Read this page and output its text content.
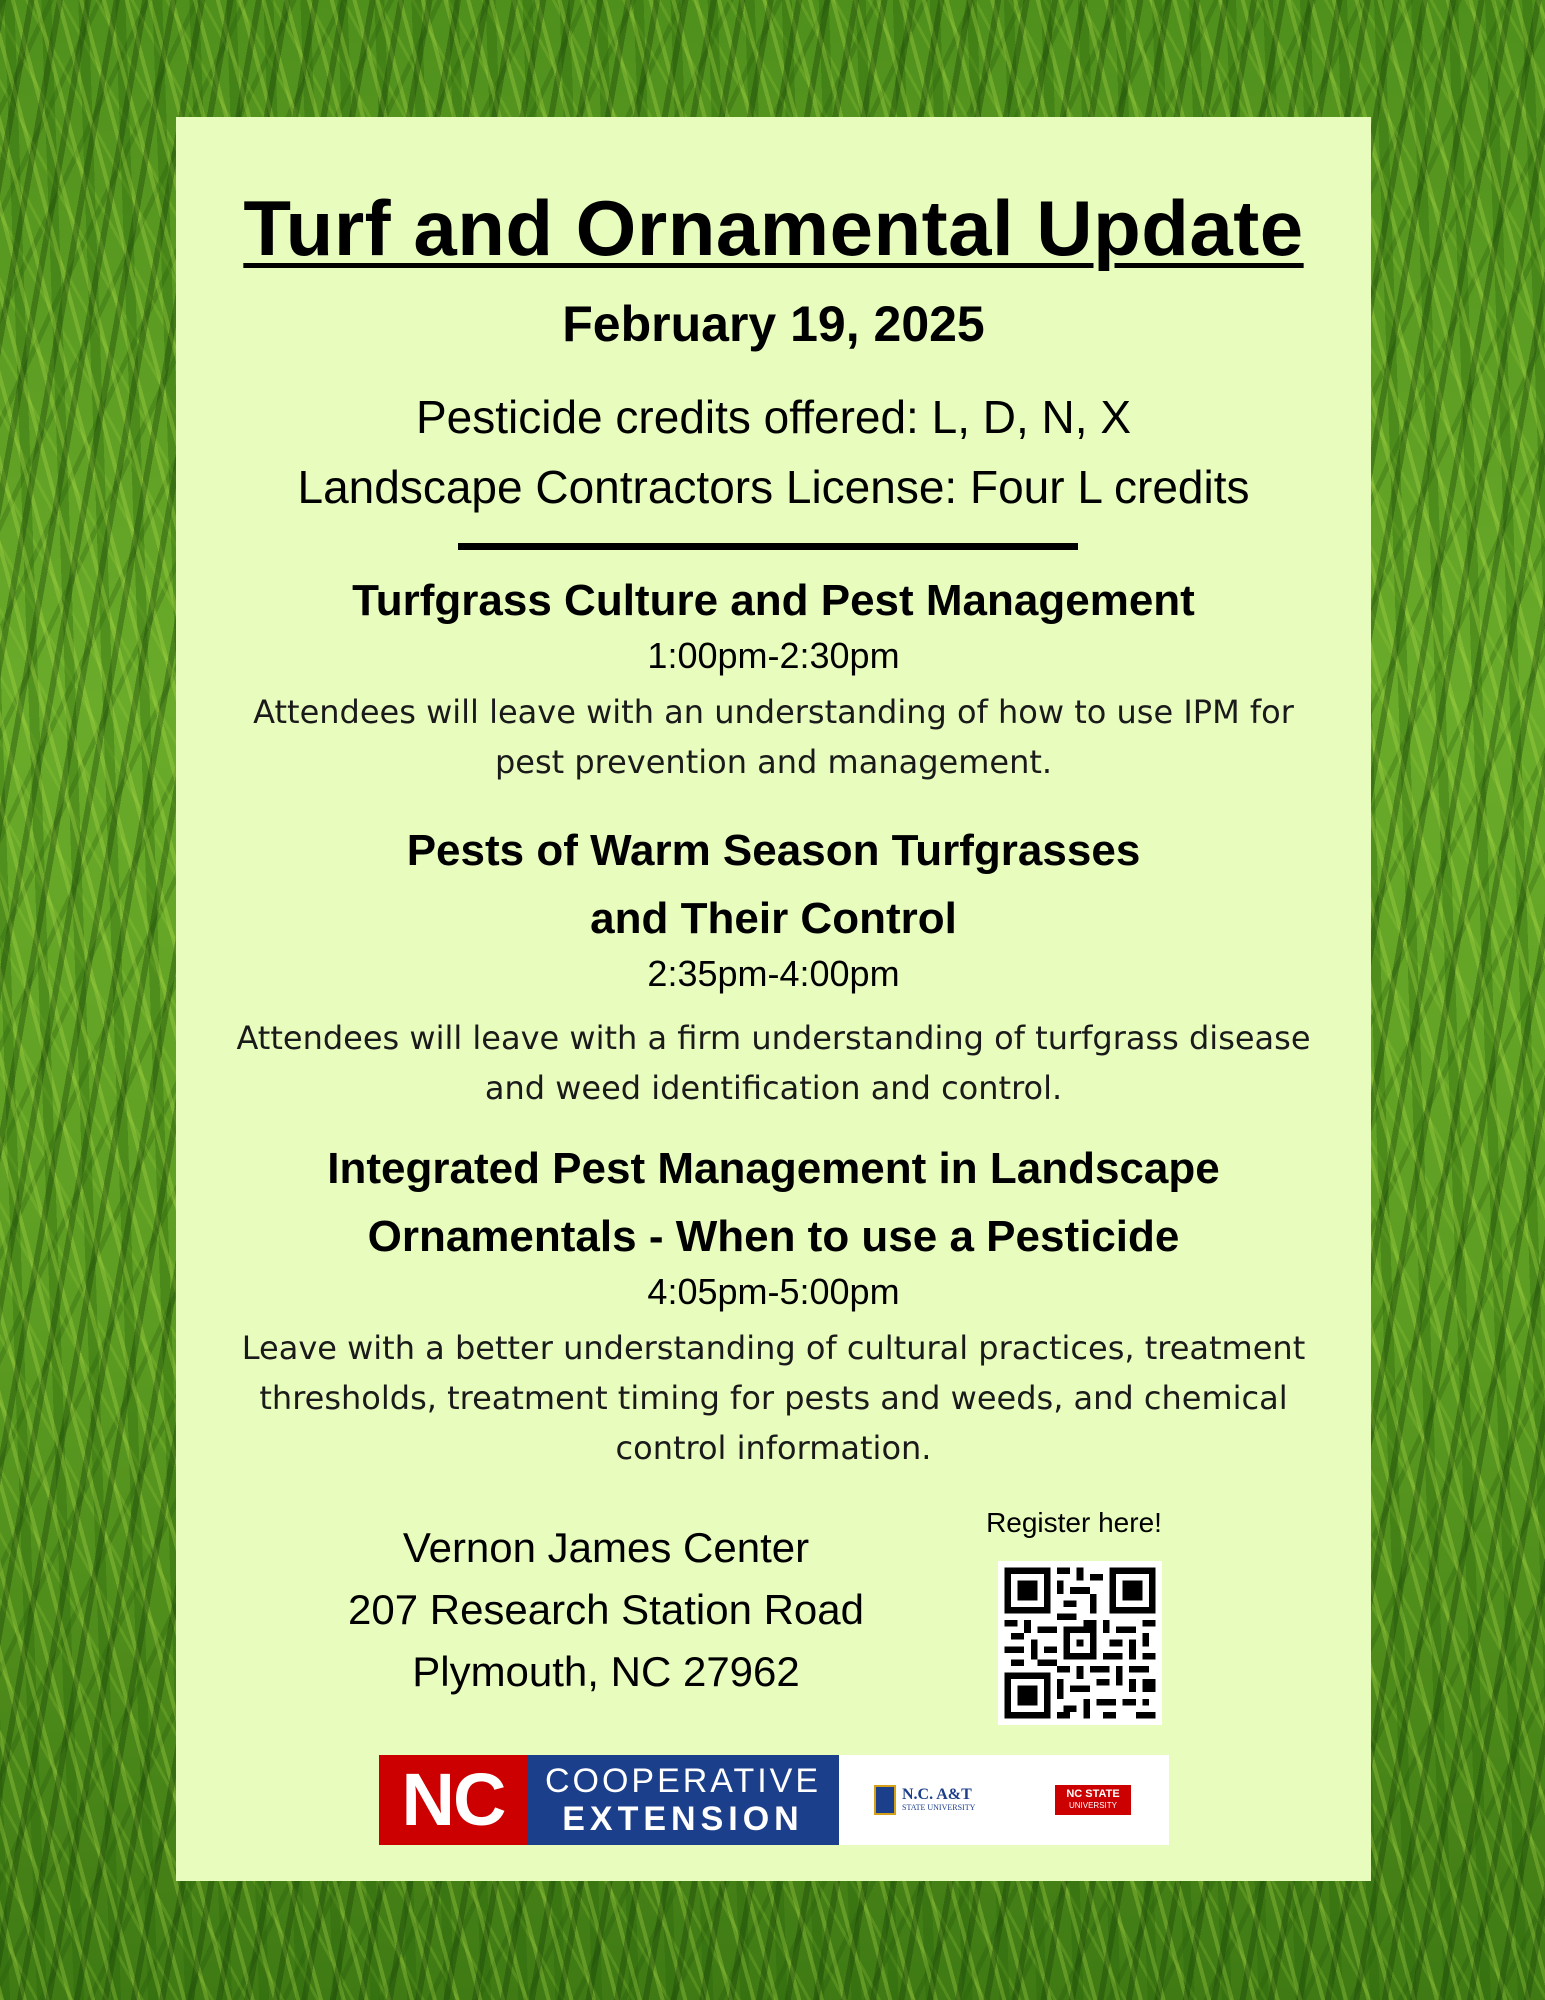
Turf and Ornamental Update
February 19, 2025
Pesticide credits offered: L, D, N, X
Landscape Contractors License: Four L credits
Turfgrass Culture and Pest Management
1:00pm-2:30pm
Attendees will leave with an understanding of how to use IPM for
pest prevention and management.
Pests of Warm Season Turfgrasses
and Their Control
2:35pm-4:00pm
Attendees will leave with a firm understanding of turfgrass disease
and weed identification and control.
Integrated Pest Management in Landscape
Ornamentals - When to use a Pesticide
4:05pm-5:00pm
Leave with a better understanding of cultural practices, treatment
thresholds, treatment timing for pests and weeds, and chemical
control information.
Vernon James Center
207 Research Station Road
Plymouth, NC 27962
Register here!
NC	COOPERATIVE
EXTENSION
N.C. A&T
STATE UNIVERSITY
NC STATE
UNIVERSITY
